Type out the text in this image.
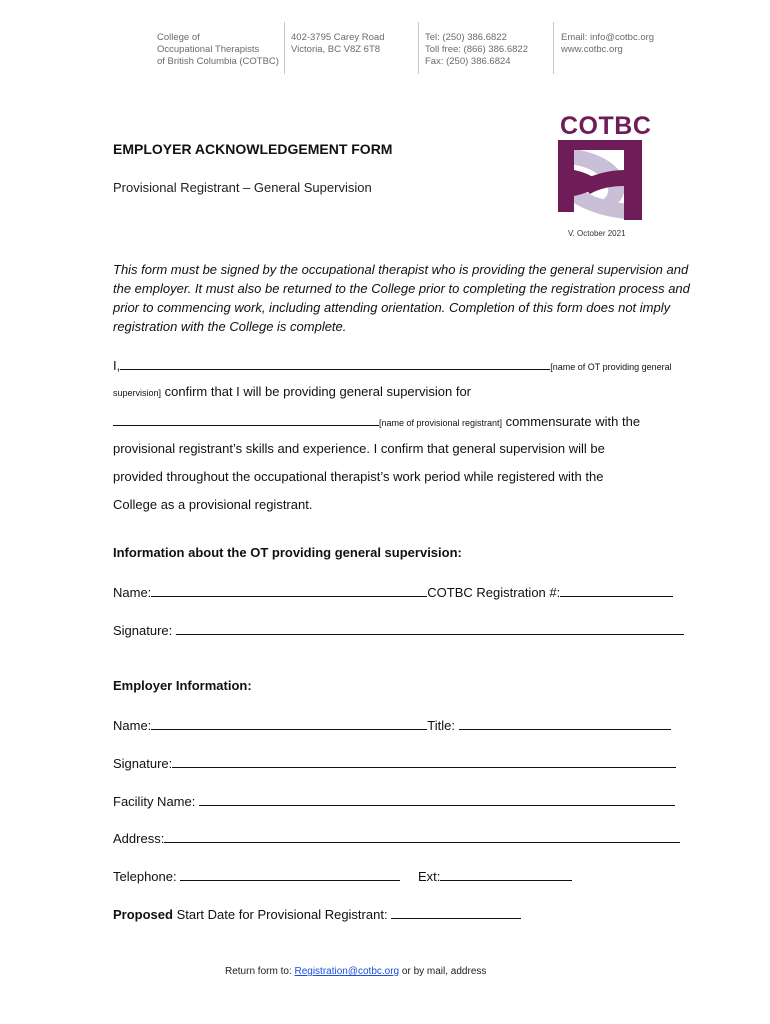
College of
Occupational Therapists
of British Columbia (COTBC)
402-3795 Carey Road
Victoria, BC V8Z 6T8
Tel: (250) 386.6822
Toll free: (866) 386.6822
Fax: (250) 386.6824
Email: info@cotbc.org
www.cotbc.org
COTBC
V. October 2021
EMPLOYER ACKNOWLEDGEMENT FORM
Provisional Registrant – General Supervision
This form must be signed by the occupational therapist who is providing the general supervision and the employer. It must also be returned to the College prior to completing the registration process and prior to commencing work, including attending orientation. Completion of this form does not imply registration with the College is complete.
I,	[name of OT providing general
supervision] confirm that I will be providing general supervision for
[name of provisional registrant] commensurate with the
provisional registrant’s skills and experience. I confirm that general supervision will be
provided throughout the occupational therapist’s work period while registered with the
College as a provisional registrant.
Information about the OT providing general supervision:
Name:	COTBC Registration #:
Signature:
Employer Information:
Name:	Title:
Signature:
Facility Name:
Address:
Telephone:	Ext:
Proposed Start Date for Provisional Registrant:
Return form to: Registration@cotbc.org or by mail, address
